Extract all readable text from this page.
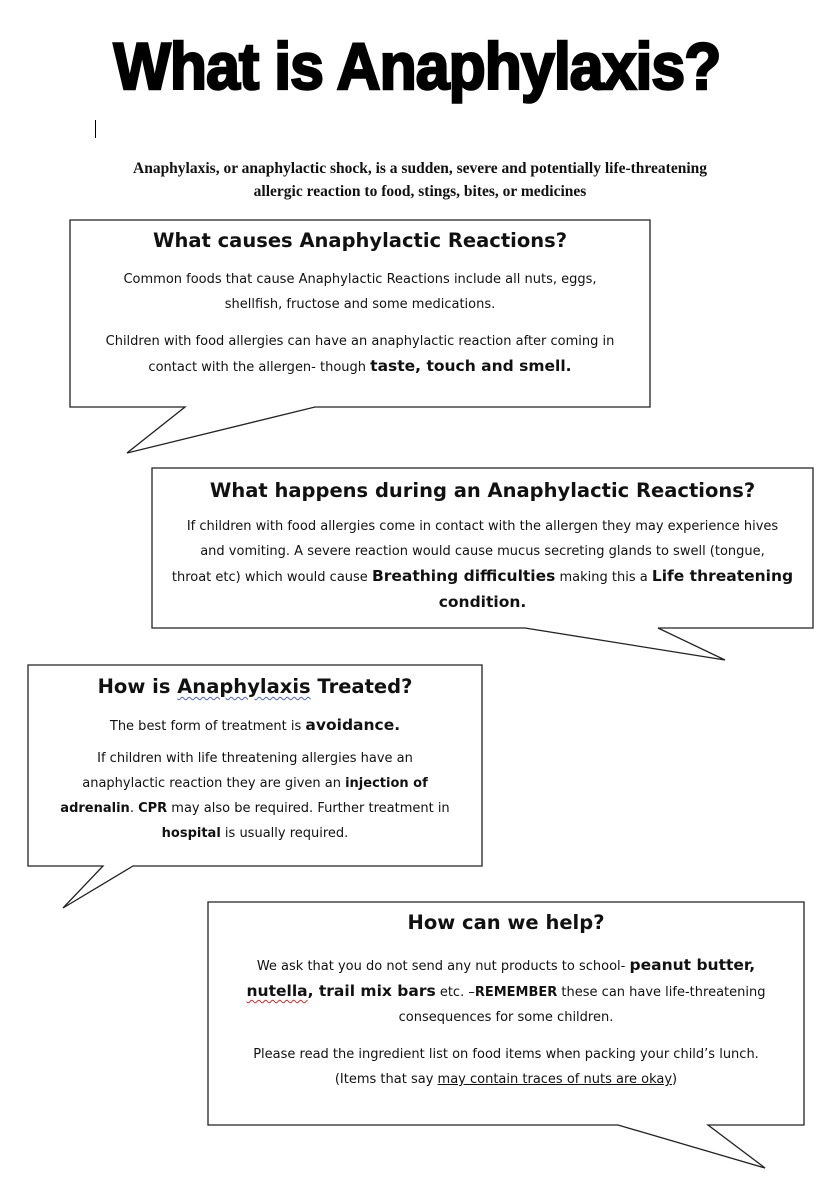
What is Anaphylaxis?
Anaphylaxis, or anaphylactic shock, is a sudden, severe and potentially life-threatening
allergic reaction to food, stings, bites, or medicines
What causes Anaphylactic Reactions?

Common foods that cause Anaphylactic Reactions include all nuts, eggs,
shellfish, fructose and some medications.

Children with food allergies can have an anaphylactic reaction after coming in
contact with the allergen- though taste, touch and smell.

What happens during an Anaphylactic Reactions?

If children with food allergies come in contact with the allergen they may experience hives
and vomiting. A severe reaction would cause mucus secreting glands to swell (tongue,
throat etc) which would cause Breathing difficulties making this a Life threatening
condition.

How is Anaphylaxis Treated?

The best form of treatment is avoidance.

If children with life threatening allergies have an
anaphylactic reaction they are given an injection of
adrenalin. CPR may also be required. Further treatment in
hospital is usually required.

How can we help?

We ask that you do not send any nut products to school- peanut butter,
nutella, trail mix bars etc. –REMEMBER these can have life-threatening
consequences for some children.

Please read the ingredient list on food items when packing your child’s lunch.
(Items that say may contain traces of nuts are okay)
